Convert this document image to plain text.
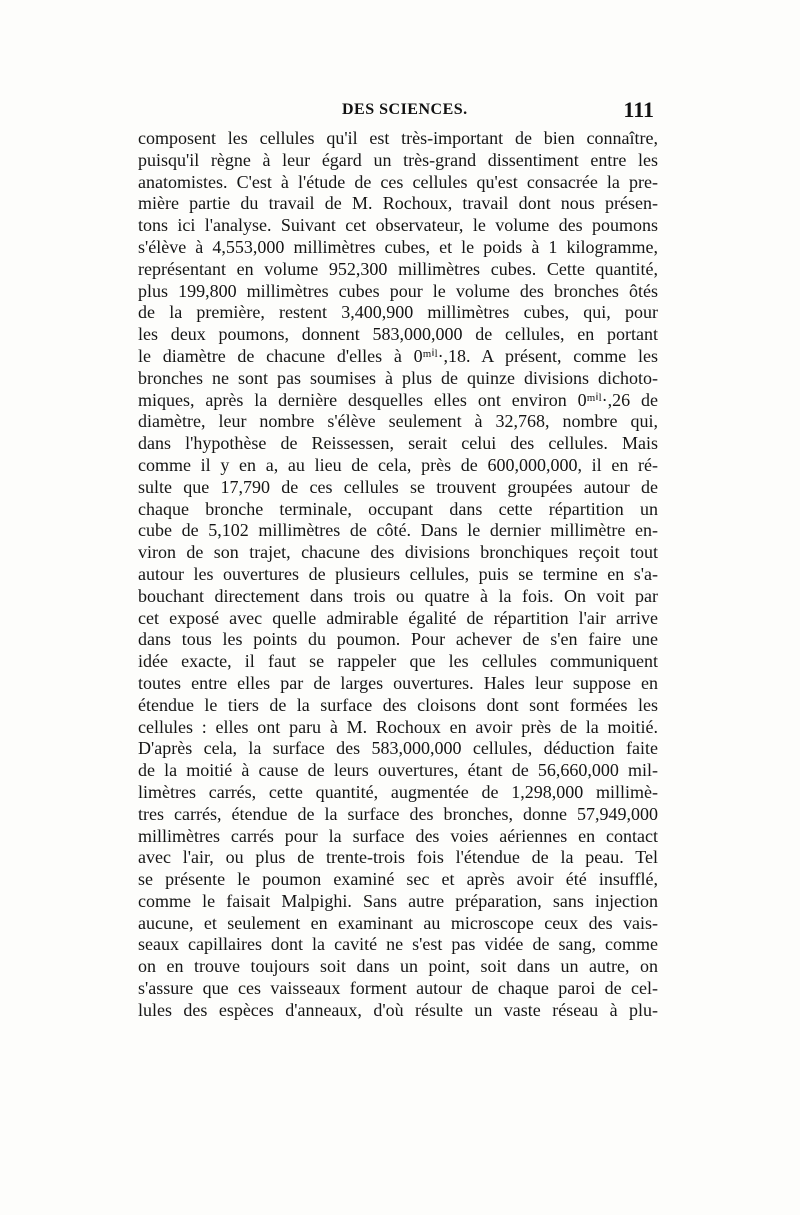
DES SCIENCES.	111
composent les cellules qu'il est très-important de bien connaître,
puisqu'il règne à leur égard un très-grand dissentiment entre les
anatomistes. C'est à l'étude de ces cellules qu'est consacrée la pre-
mière partie du travail de M. Rochoux, travail dont nous présen-
tons ici l'analyse. Suivant cet observateur, le volume des poumons
s'élève à 4,553,000 millimètres cubes, et le poids à 1 kilogramme,
représentant en volume 952,300 millimètres cubes. Cette quantité,
plus 199,800 millimètres cubes pour le volume des bronches ôtés
de la première, restent 3,400,900 millimètres cubes, qui, pour
les deux poumons, donnent 583,000,000 de cellules, en portant
le diamètre de chacune d'elles à 0ᵐⁱˡ·,18. A présent, comme les
bronches ne sont pas soumises à plus de quinze divisions dichoto-
miques, après la dernière desquelles elles ont environ 0ᵐⁱˡ·,26 de
diamètre, leur nombre s'élève seulement à 32,768, nombre qui,
dans l'hypothèse de Reissessen, serait celui des cellules. Mais
comme il y en a, au lieu de cela, près de 600,000,000, il en ré-
sulte que 17,790 de ces cellules se trouvent groupées autour de
chaque bronche terminale, occupant dans cette répartition un
cube de 5,102 millimètres de côté. Dans le dernier millimètre en-
viron de son trajet, chacune des divisions bronchiques reçoit tout
autour les ouvertures de plusieurs cellules, puis se termine en s'a-
bouchant directement dans trois ou quatre à la fois. On voit par
cet exposé avec quelle admirable égalité de répartition l'air arrive
dans tous les points du poumon. Pour achever de s'en faire une
idée exacte, il faut se rappeler que les cellules communiquent
toutes entre elles par de larges ouvertures. Hales leur suppose en
étendue le tiers de la surface des cloisons dont sont formées les
cellules : elles ont paru à M. Rochoux en avoir près de la moitié.
D'après cela, la surface des 583,000,000 cellules, déduction faite
de la moitié à cause de leurs ouvertures, étant de 56,660,000 mil-
limètres carrés, cette quantité, augmentée de 1,298,000 millimè-
tres carrés, étendue de la surface des bronches, donne 57,949,000
millimètres carrés pour la surface des voies aériennes en contact
avec l'air, ou plus de trente-trois fois l'étendue de la peau. Tel
se présente le poumon examiné sec et après avoir été insufflé,
comme le faisait Malpighi. Sans autre préparation, sans injection
aucune, et seulement en examinant au microscope ceux des vais-
seaux capillaires dont la cavité ne s'est pas vidée de sang, comme
on en trouve toujours soit dans un point, soit dans un autre, on
s'assure que ces vaisseaux forment autour de chaque paroi de cel-
lules des espèces d'anneaux, d'où résulte un vaste réseau à plu-
